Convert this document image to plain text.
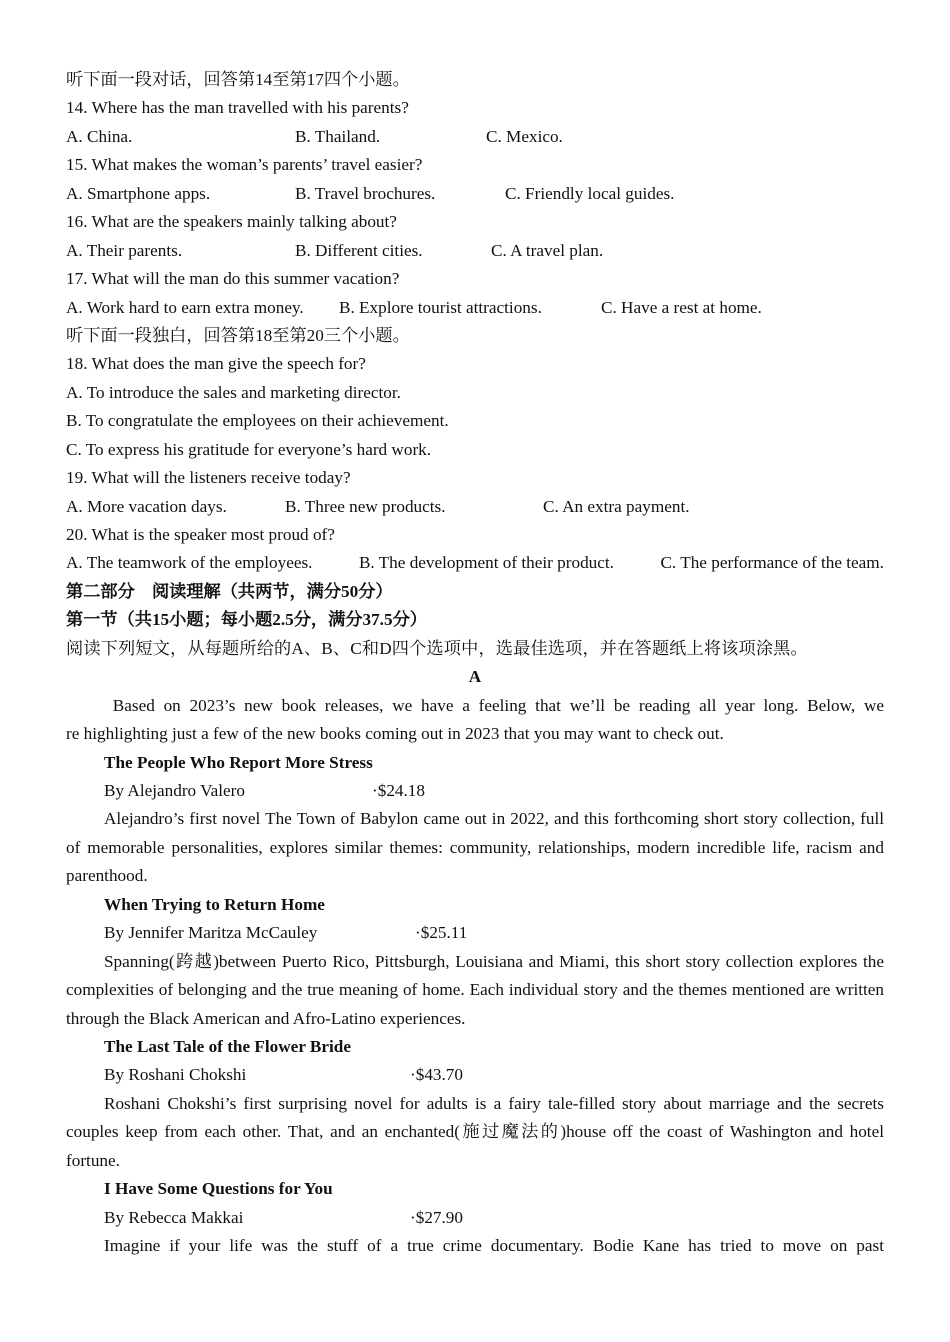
听下面一段对话，回答第14至第17四个小题。
14. Where has the man travelled with his parents?
A. China.	B. Thailand.	C. Mexico.
15. What makes the woman’s parents’ travel easier?
A. Smartphone apps.	B. Travel brochures.	C. Friendly local guides.
16. What are the speakers mainly talking about?
A. Their parents.	B. Different cities.	C. A travel plan.
17. What will the man do this summer vacation?
A. Work hard to earn extra money.	B. Explore tourist attractions.	C. Have a rest at home.
听下面一段独白，回答第18至第20三个小题。
18. What does the man give the speech for?
A. To introduce the sales and marketing director.
B. To congratulate the employees on their achievement.
C. To express his gratitude for everyone’s hard work.
19. What will the listeners receive today?
A. More vacation days.	B. Three new products.	C. An extra payment.
20. What is the speaker most proud of?
A. The teamwork of the employees.	B. The development of their product.	C. The performance of the team.
第二部分　阅读理解（共两节，满分50分）
第一节（共15小题；每小题2.5分，满分37.5分）
阅读下列短文，从每题所给的A、B、C和D四个选项中，选最佳选项，并在答题纸上将该项涂黑。
A
Based on 2023’s new book releases, we have a feeling that we’ll be reading all year long. Below, we
re highlighting just a few of the new books coming out in 2023 that you may want to check out.
The People Who Report More Stress
By Alejandro Valero	·$24.18

Alejandro’s first novel The Town of Babylon came out in 2022, and this forthcoming short story collection, full of memorable personalities, explores similar themes: community, relationships, modern incredible life, racism and parenthood.

When Trying to Return Home
By Jennifer Maritza McCauley	·$25.11

Spanning(跨越)between Puerto Rico, Pittsburgh, Louisiana and Miami, this short story collection explores the complexities of belonging and the true meaning of home. Each individual story and the themes mentioned are written through the Black American and Afro-Latino experiences.

The Last Tale of the Flower Bride
By Roshani Chokshi	·$43.70

Roshani Chokshi’s first surprising novel for adults is a fairy tale-filled story about marriage and the secrets couples keep from each other. That, and an enchanted(施过魔法的)house off the coast of Washington and hotel fortune.

I Have Some Questions for You
By Rebecca Makkai	·$27.90

Imagine if your life was the stuff of a true crime documentary. Bodie Kane has tried to move on past
